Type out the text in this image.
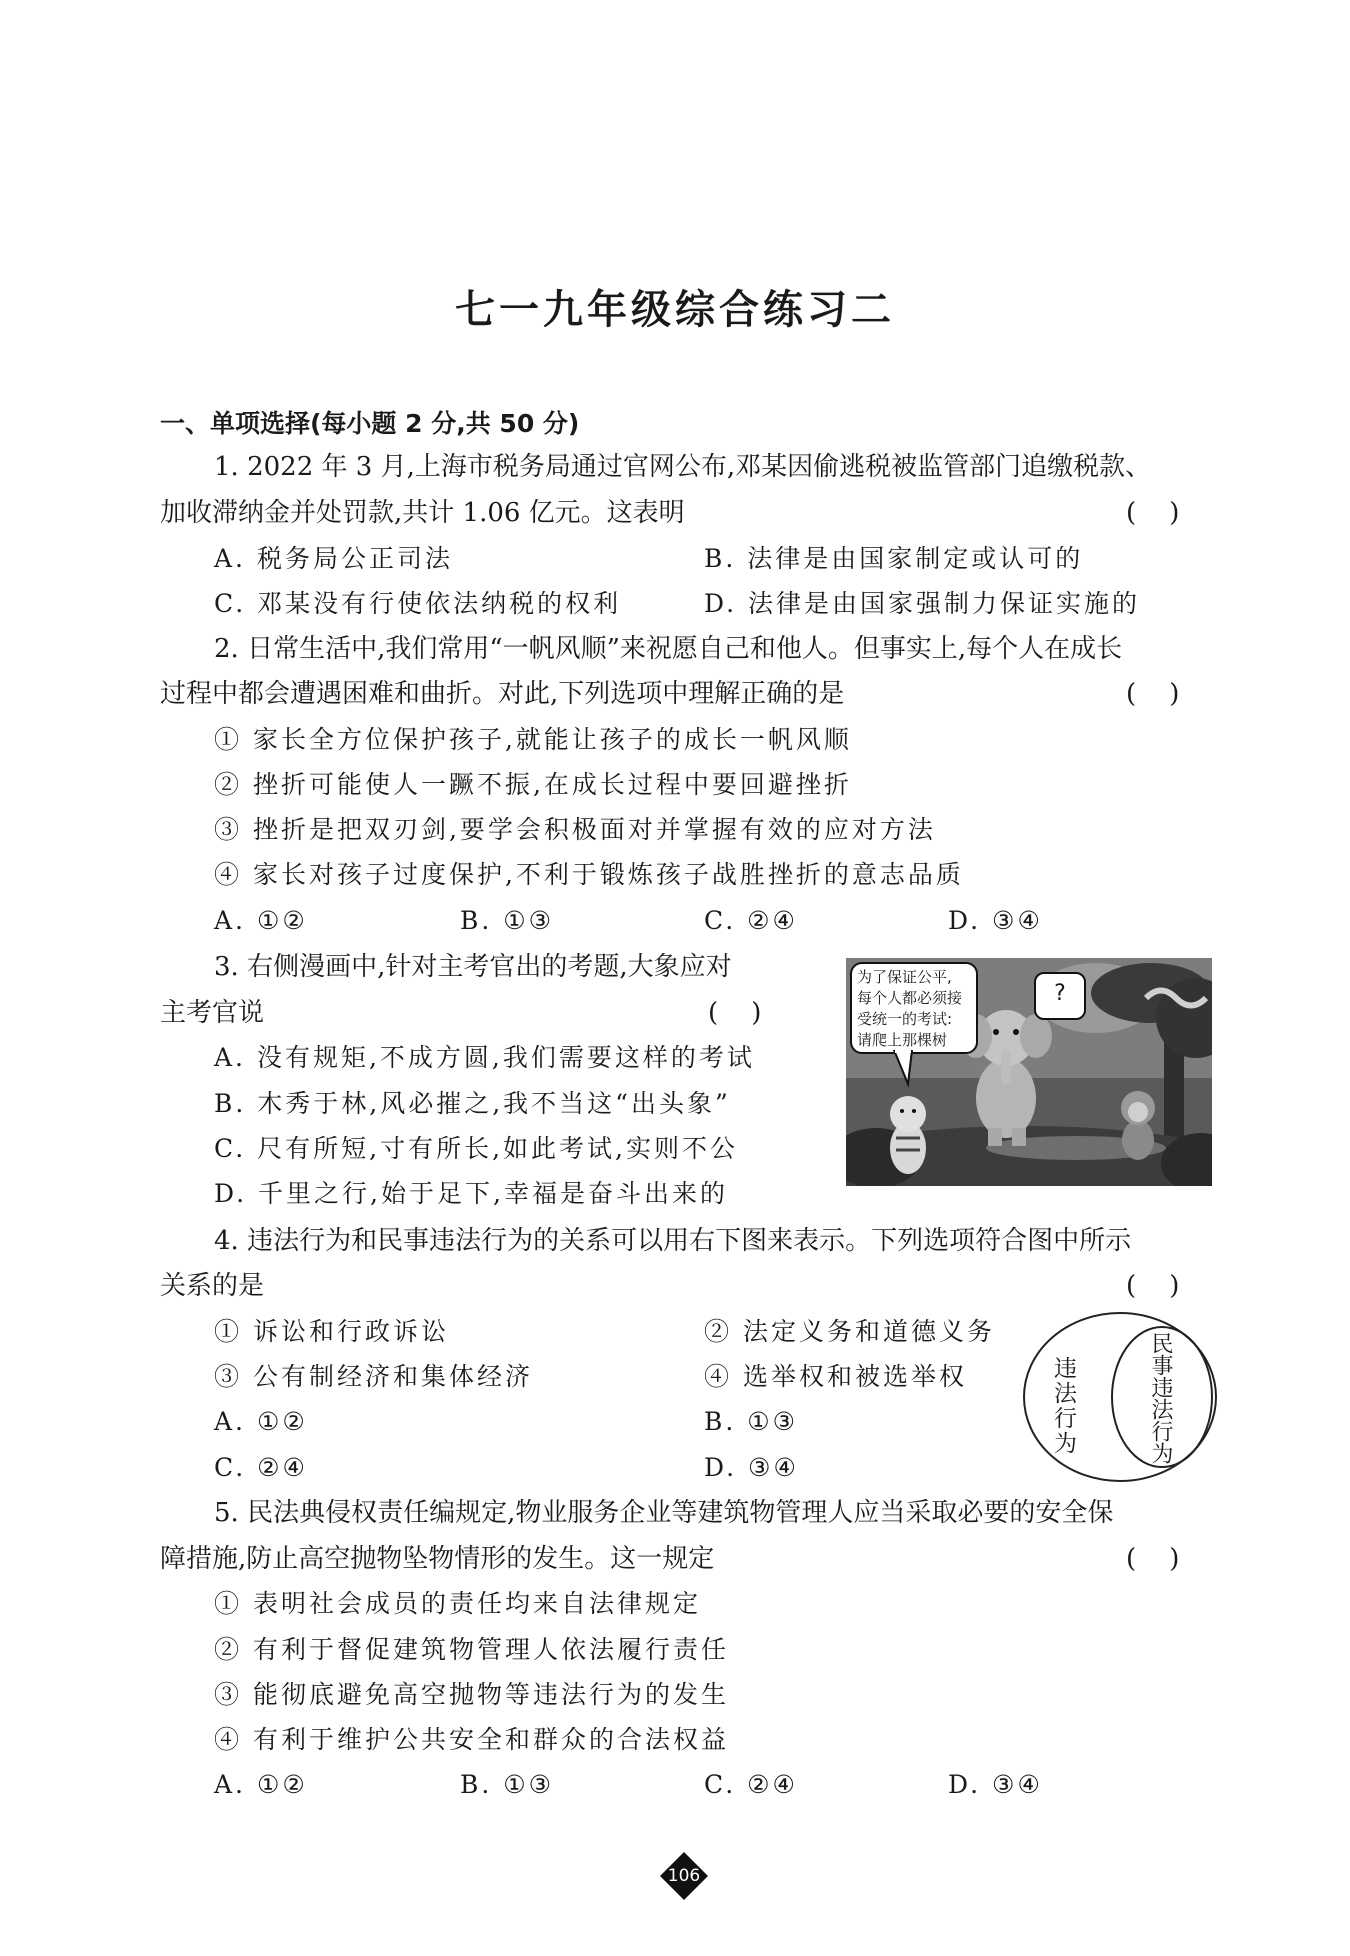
七一九年级综合练习二
一、单项选择(每小题 2 分,共 50 分)
1. 2022 年 3 月,上海市税务局通过官网公布,邓某因偷逃税被监管部门追缴税款、
加收滞纳金并处罚款,共计 1.06 亿元。这表明	(    )
A. 税务局公正司法	B. 法律是由国家制定或认可的
C. 邓某没有行使依法纳税的权利	D. 法律是由国家强制力保证实施的
2. 日常生活中,我们常用“一帆风顺”来祝愿自己和他人。但事实上,每个人在成长
过程中都会遭遇困难和曲折。对此,下列选项中理解正确的是	(    )
① 家长全方位保护孩子,就能让孩子的成长一帆风顺
② 挫折可能使人一蹶不振,在成长过程中要回避挫折
③ 挫折是把双刃剑,要学会积极面对并掌握有效的应对方法
④ 家长对孩子过度保护,不利于锻炼孩子战胜挫折的意志品质
A. ①②	B. ①③	C. ②④	D. ③④
3. 右侧漫画中,针对主考官出的考题,大象应对
主考官说	(    )
A. 没有规矩,不成方圆,我们需要这样的考试
B. 木秀于林,风必摧之,我不当这“出头象”
C. 尺有所短,寸有所长,如此考试,实则不公
D. 千里之行,始于足下,幸福是奋斗出来的
为了保证公平,
每个人都必须接
受统一的考试:
请爬上那棵树
?
4. 违法行为和民事违法行为的关系可以用右下图来表示。下列选项符合图中所示
关系的是	(    )
① 诉讼和行政诉讼	② 法定义务和道德义务
③ 公有制经济和集体经济	④ 选举权和被选举权
A. ①②	B. ①③
C. ②④	D. ③④
违法行为	民事违法行为
5. 民法典侵权责任编规定,物业服务企业等建筑物管理人应当采取必要的安全保
障措施,防止高空抛物坠物情形的发生。这一规定	(    )
① 表明社会成员的责任均来自法律规定
② 有利于督促建筑物管理人依法履行责任
③ 能彻底避免高空抛物等违法行为的发生
④ 有利于维护公共安全和群众的合法权益
A. ①②	B. ①③	C. ②④	D. ③④
106
